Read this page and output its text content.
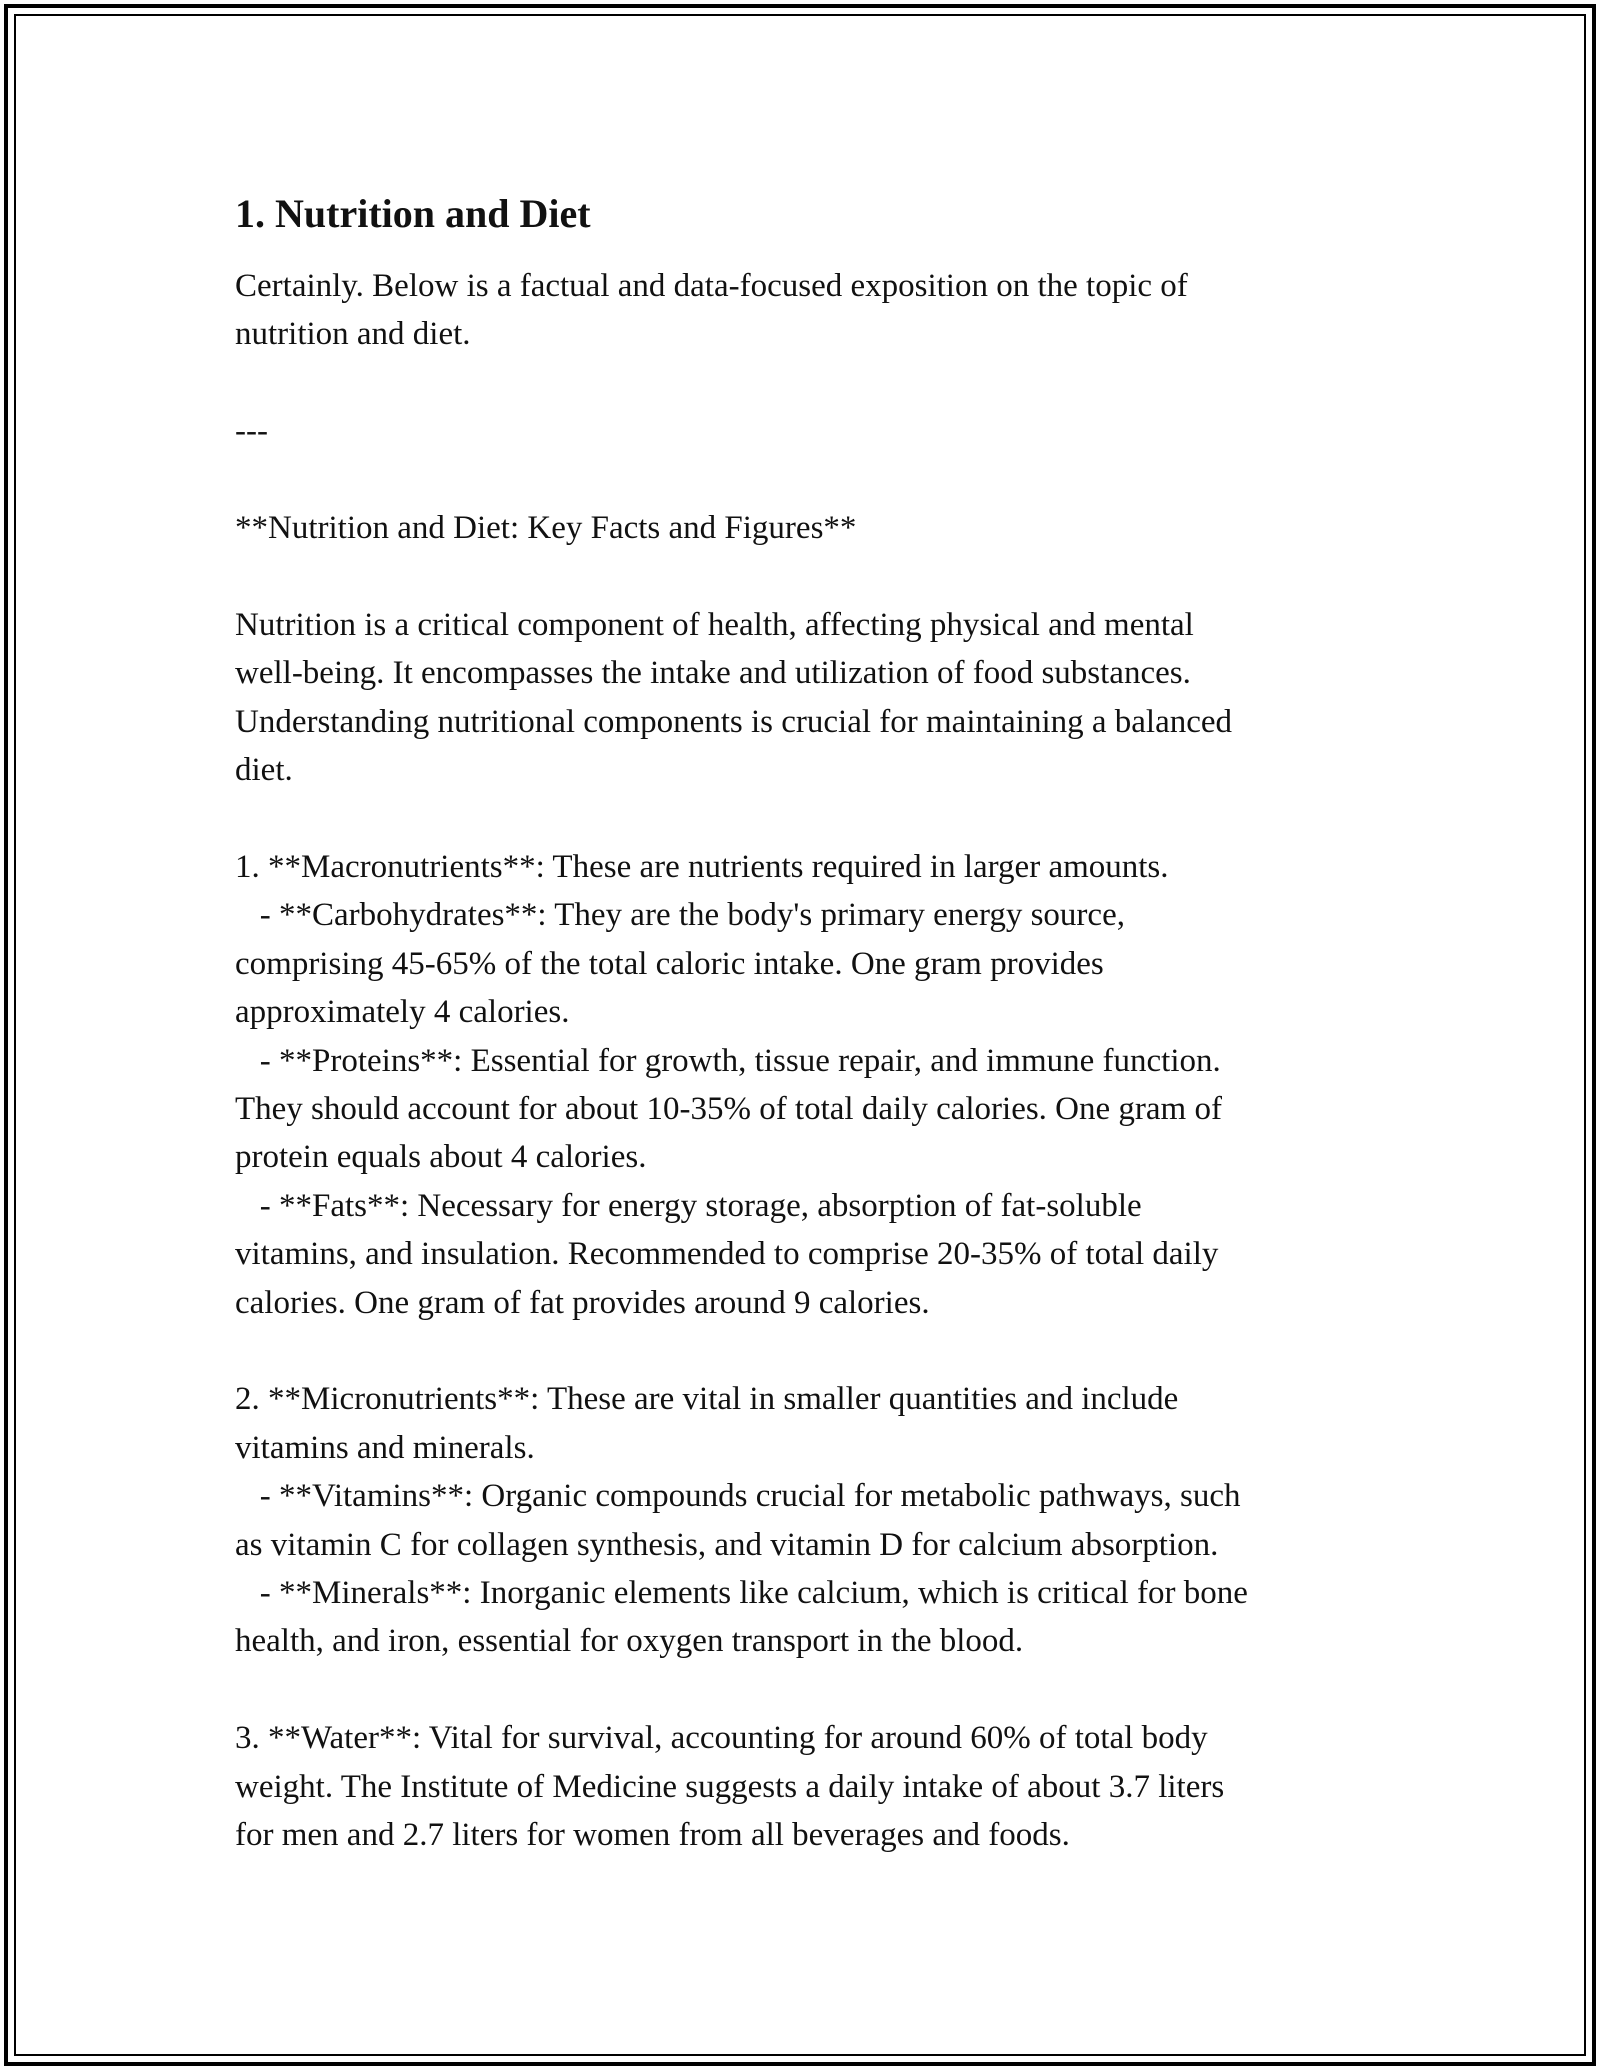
1. Nutrition and Diet
Certainly. Below is a factual and data-focused exposition on the topic of
nutrition and diet.

---

**Nutrition and Diet: Key Facts and Figures**

Nutrition is a critical component of health, affecting physical and mental
well-being. It encompasses the intake and utilization of food substances.
Understanding nutritional components is crucial for maintaining a balanced
diet.

1. **Macronutrients**: These are nutrients required in larger amounts.
- **Carbohydrates**: They are the body's primary energy source,
comprising 45-65% of the total caloric intake. One gram provides
approximately 4 calories.
- **Proteins**: Essential for growth, tissue repair, and immune function.
They should account for about 10-35% of total daily calories. One gram of
protein equals about 4 calories.
- **Fats**: Necessary for energy storage, absorption of fat-soluble
vitamins, and insulation. Recommended to comprise 20-35% of total daily
calories. One gram of fat provides around 9 calories.

2. **Micronutrients**: These are vital in smaller quantities and include
vitamins and minerals.
- **Vitamins**: Organic compounds crucial for metabolic pathways, such
as vitamin C for collagen synthesis, and vitamin D for calcium absorption.
- **Minerals**: Inorganic elements like calcium, which is critical for bone
health, and iron, essential for oxygen transport in the blood.

3. **Water**: Vital for survival, accounting for around 60% of total body
weight. The Institute of Medicine suggests a daily intake of about 3.7 liters
for men and 2.7 liters for women from all beverages and foods.
